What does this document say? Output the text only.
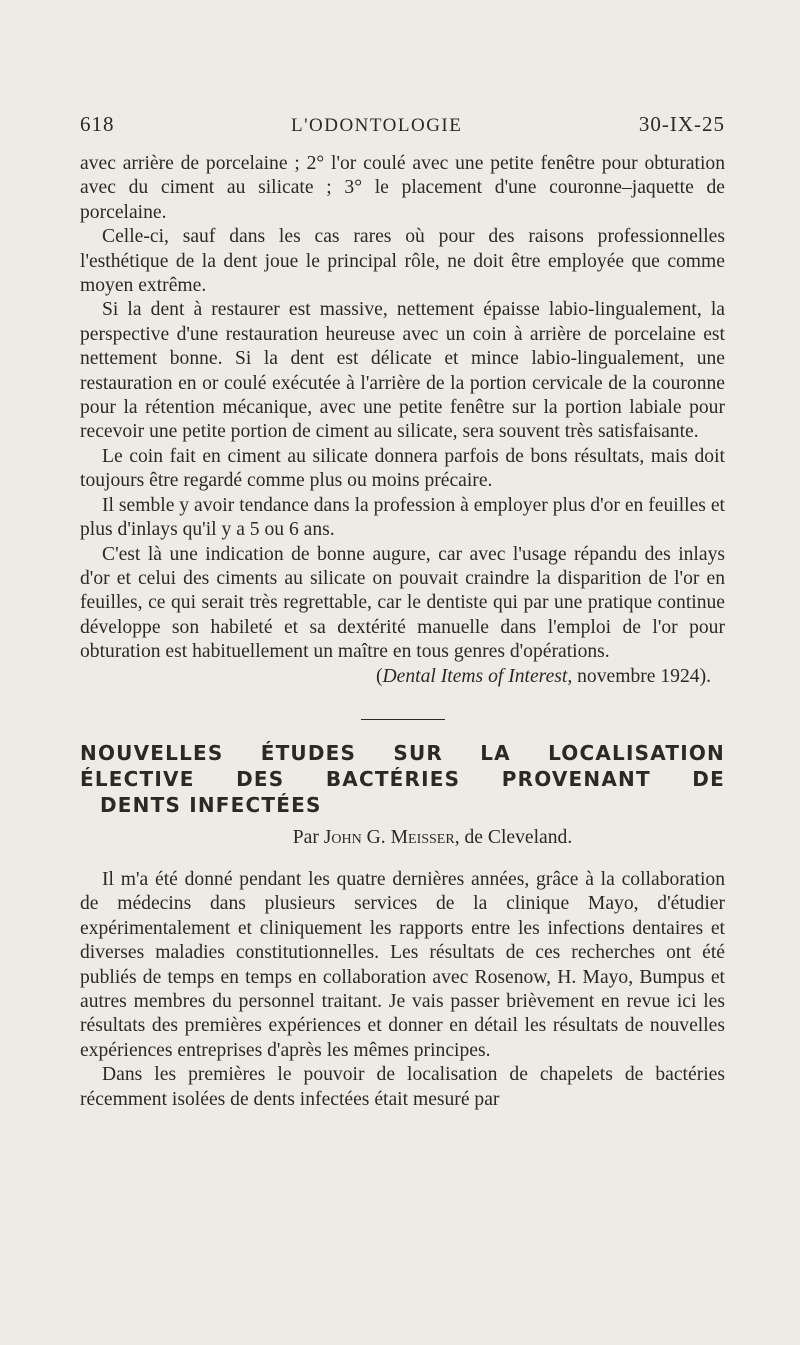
618	L'ODONTOLOGIE	30-IX-25

avec arrière de porcelaine ; 2° l'or coulé avec une petite fenêtre pour obturation avec du ciment au silicate ; 3° le placement d'une couronne–jaquette de porcelaine.

Celle-ci, sauf dans les cas rares où pour des raisons professionnelles l'esthétique de la dent joue le principal rôle, ne doit être employée que comme moyen extrême.

Si la dent à restaurer est massive, nettement épaisse labio-lingualement, la perspective d'une restauration heureuse avec un coin à arrière de porcelaine est nettement bonne. Si la dent est délicate et mince labio-lingualement, une restauration en or coulé exécutée à l'arrière de la portion cervicale de la couronne pour la rétention mécanique, avec une petite fenêtre sur la portion labiale pour recevoir une petite portion de ciment au silicate, sera souvent très satisfaisante.

Le coin fait en ciment au silicate donnera parfois de bons résultats, mais doit toujours être regardé comme plus ou moins précaire.

Il semble y avoir tendance dans la profession à employer plus d'or en feuilles et plus d'inlays qu'il y a 5 ou 6 ans.

C'est là une indication de bonne augure, car avec l'usage répandu des inlays d'or et celui des ciments au silicate on pouvait craindre la disparition de l'or en feuilles, ce qui serait très regrettable, car le dentiste qui par une pratique continue développe son habileté et sa dextérité manuelle dans l'emploi de l'or pour obturation est habituellement un maître en tous genres d'opérations.

(Dental Items of Interest, novembre 1924).
NOUVELLES ÉTUDES SUR LA LOCALISATION
ÉLECTIVE DES BACTÉRIES PROVENANT DE
DENTS INFECTÉES
Par John G. Meisser, de Cleveland.

Il m'a été donné pendant les quatre dernières années, grâce à la collaboration de médecins dans plusieurs services de la clinique Mayo, d'étudier expérimentalement et cliniquement les rapports entre les infections dentaires et diverses maladies constitutionnelles. Les résultats de ces recherches ont été publiés de temps en temps en collaboration avec Rosenow, H. Mayo, Bumpus et autres membres du personnel traitant. Je vais passer brièvement en revue ici les résultats des premières expériences et donner en détail les résultats de nouvelles expériences entreprises d'après les mêmes principes.

Dans les premières le pouvoir de localisation de chapelets de bactéries récemment isolées de dents infectées était mesuré par
